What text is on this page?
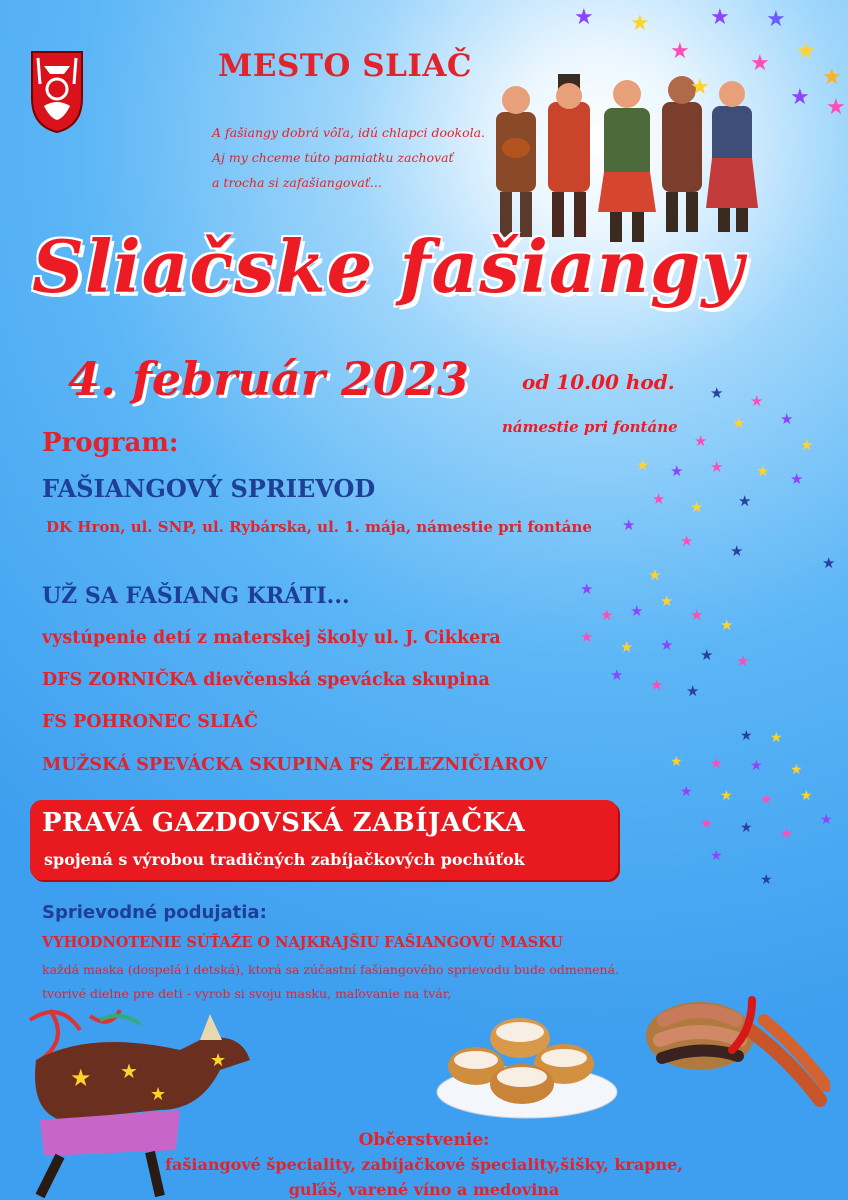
MESTO SLIAČ
A fašiangy dobrá vôľa, idú chlapci dookola.
Aj my chceme túto pamiatku zachovať
a trocha si zafašiangovať...
★ ★
★
★ ★
★
★
★
★ ★
★
★ ★
★ ★
★
★
★ ★ ★ ★ ★
★ ★ ★
★
★
★
★
★
★
★ ★
★
★
★
★
★ ★
★ ★
★
★ ★
★ ★
★ ★ ★ ★
★ ★ ★ ★
★
★ ★ ★
★
★
Sliačske fašiangy
4. február 2023	od 10.00 hod.
námestie pri fontáne
Program:
FAŠIANGOVÝ SPRIEVOD
DK Hron, ul. SNP, ul. Rybárska, ul. 1. mája, námestie pri fontáne
UŽ SA FAŠIANG KRÁTI...
vystúpenie detí z materskej školy ul. J. Cikkera
DFS ZORNIČKA dievčenská spevácka skupina
FS POHRONEC SLIAČ
MUŽSKÁ SPEVÁCKA SKUPINA FS ŽELEZNIČIAROV
PRAVÁ GAZDOVSKÁ ZABÍJAČKA
spojená s výrobou tradičných zabíjačkových pochúťok
Sprievodné podujatia:
VYHODNOTENIE SÚŤAŽE O NAJKRAJŠIU FAŠIANGOVÚ MASKU
každá maska (dospelá i detská), ktorá sa zúčastní fašiangového sprievodu bude odmenená.
tvorivé dielne pre deti - vyrob si svoju masku, maľovanie na tvár,
★ ★
★
★
Občerstvenie:
fašiangové špeciality, zabíjačkové špeciality,šišky, krapne,
guľáš, varené víno a medovina
